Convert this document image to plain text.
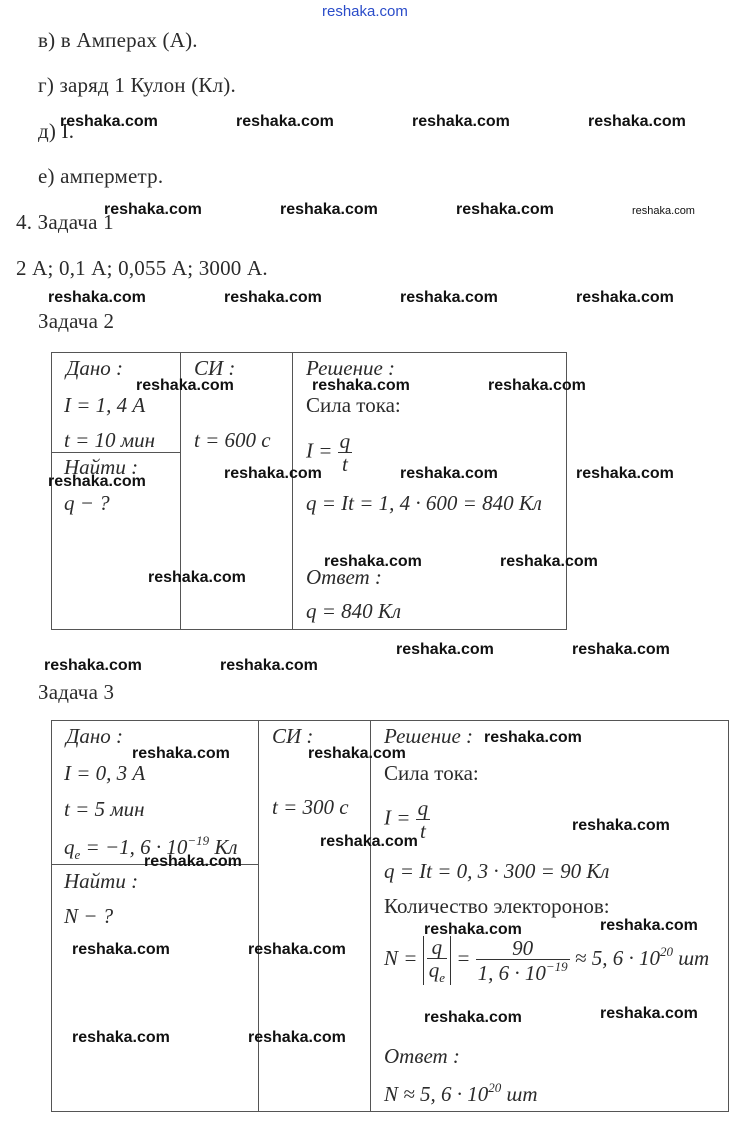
reshaka.com
в) в Амперах (А).
г) заряд 1 Кулон (Кл).
д) I.
е) амперметр.
4. Задача 1
2 А; 0,1 А; 0,055 А; 3000 А.
Задача 2
Дано :
I = 1, 4 А
t = 10 мин
Найти :
q − ?
СИ :
t = 600 с
Решение :
Сила тока:
$I = \frac{q}{t}$
q = It = 1, 4 · 600 = 840 Кл
Ответ :
q = 840 Кл
Задача 3
Дано :
I = 0, 3 А
t = 5 мин
$q_e = -1$, $6 \cdot 10^{-19}$ Кл
Найти :
N − ?
СИ :
t = 300 с
Решение :
Сила тока:
$I = \frac{q}{t}$
q = It = 0, 3 · 300 = 90 Кл
Количество электоронов:
$N = \frac{q}{q_e} = \frac{90}{1, 6 \cdot 10^{-19}} \approx 5$, $6 \cdot 10^{20}$ шт
Ответ :
N ≈ 5, $6 \cdot 10^{20}$ шт
reshaka.com	reshaka.com	reshaka.com	reshaka.com
reshaka.com	reshaka.com	reshaka.com	reshaka.com
reshaka.com	reshaka.com	reshaka.com	reshaka.com
reshaka.com	reshaka.com	reshaka.com
reshaka.com	reshaka.com	reshaka.com	reshaka.com
reshaka.com	reshaka.com
reshaka.com
reshaka.com	reshaka.com
reshaka.com	reshaka.com
reshaka.com
reshaka.com	reshaka.com
reshaka.com
reshaka.com
reshaka.com
reshaka.com	reshaka.com
reshaka.com	reshaka.com
reshaka.com
reshaka.com
reshaka.com	reshaka.com
